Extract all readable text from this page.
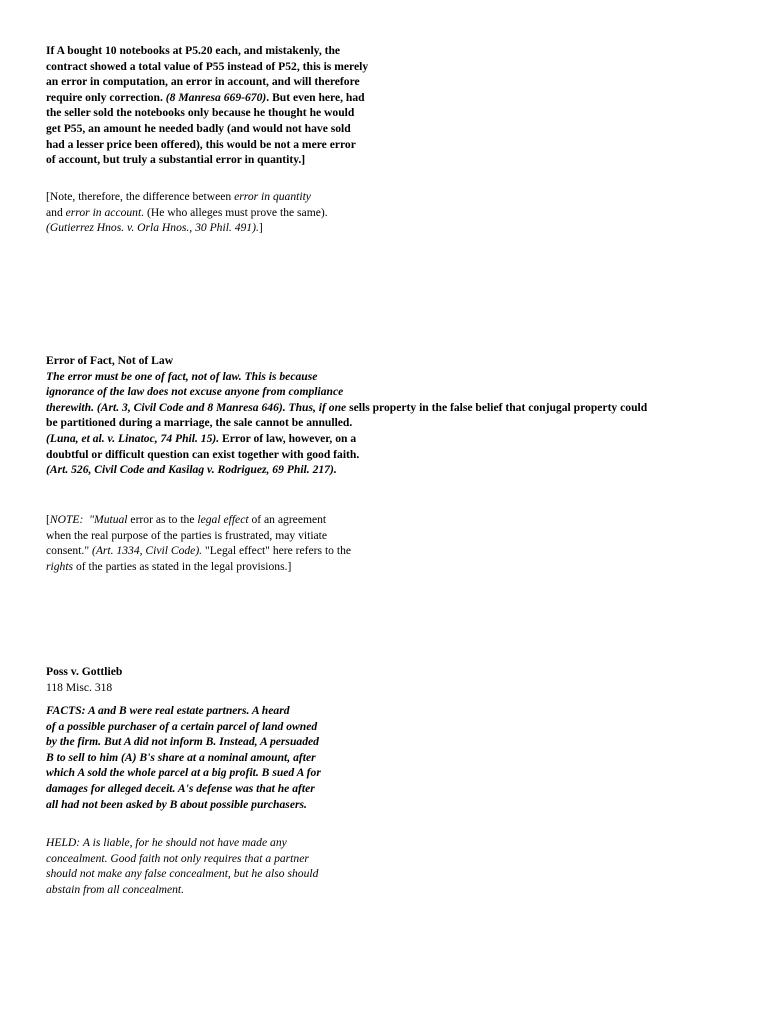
If A bought 10 notebooks at P5.20 each, and mistakenly, the
contract showed a total value of P55 instead of P52, this is merely
an error in computation, an error in account, and will therefore
require only correction. (8 Manresa 669-670). But even here, had
the seller sold the notebooks only because he thought he would
get P55, an amount he needed badly (and would not have sold
had a lesser price been offered), this would be not a mere error
of account, but truly a substantial error in quantity.]
[Note, therefore, the difference between error in quantity
and error in account. (He who alleges must prove the same).
(Gutierrez Hnos. v. Orla Hnos., 30 Phil. 491).]
Error of Fact, Not of Law
The error must be one of fact, not of law. This is because
ignorance of the law does not excuse anyone from compliance
therewith. (Art. 3, Civil Code and 8 Manresa 646). Thus, if one sells property in the false belief that conjugal property could
be partitioned during a marriage, the sale cannot be annulled.
(Luna, et al. v. Linatoc, 74 Phil. 15). Error of law, however, on a
doubtful or difficult question can exist together with good faith.
(Art. 526, Civil Code and Kasilag v. Rodriguez, 69 Phil. 217).
[NOTE: "Mutual error as to the legal effect of an agreement
when the real purpose of the parties is frustrated, may vitiate
consent." (Art. 1334, Civil Code). "Legal effect" here refers to the
rights of the parties as stated in the legal provisions.]
Poss v. Gottlieb
118 Misc. 318
FACTS: A and B were real estate partners. A heard
of a possible purchaser of a certain parcel of land owned
by the firm. But A did not inform B. Instead, A persuaded
B to sell to him (A) B's share at a nominal amount, after
which A sold the whole parcel at a big profit. B sued A for
damages for alleged deceit. A's defense was that he after
all had not been asked by B about possible purchasers.
HELD: A is liable, for he should not have made any
concealment. Good faith not only requires that a partner
should not make any false concealment, but he also should
abstain from all concealment.
